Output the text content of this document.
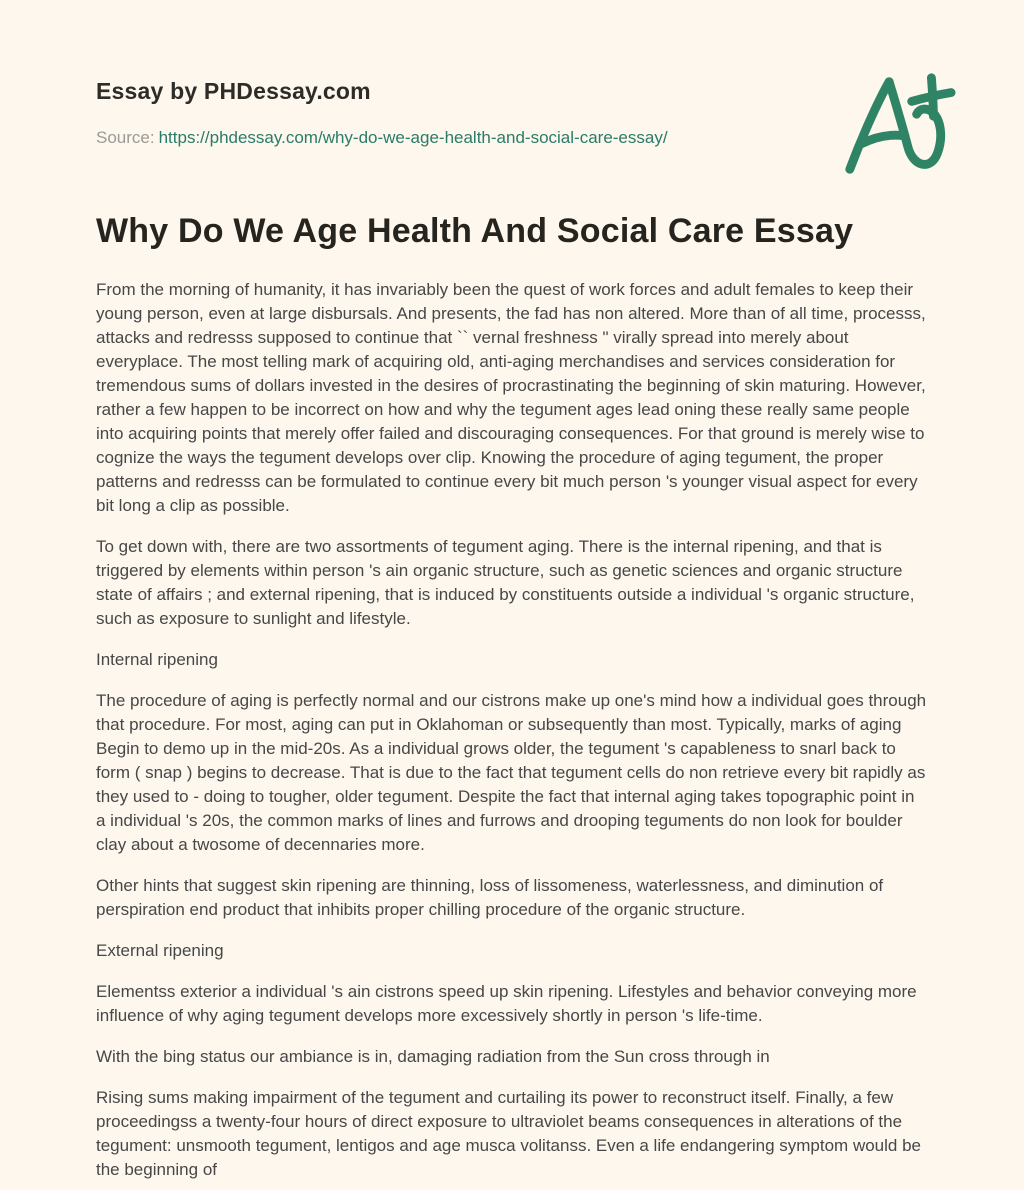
Essay by PHDessay.com

Source: https://phdessay.com/why-do-we-age-health-and-social-care-essay/

Why Do We Age Health And Social Care Essay

From the morning of humanity, it has invariably been the quest of work forces and adult females to keep their young person, even at large disbursals. And presents, the fad has non altered. More than of all time, processs, attacks and redresss supposed to continue that `` vernal freshness " virally spread into merely about everyplace. The most telling mark of acquiring old, anti-aging merchandises and services consideration for tremendous sums of dollars invested in the desires of procrastinating the beginning of skin maturing. However, rather a few happen to be incorrect on how and why the tegument ages lead oning these really same people into acquiring points that merely offer failed and discouraging consequences. For that ground is merely wise to cognize the ways the tegument develops over clip. Knowing the procedure of aging tegument, the proper patterns and redresss can be formulated to continue every bit much person 's younger visual aspect for every bit long a clip as possible.

To get down with, there are two assortments of tegument aging. There is the internal ripening, and that is triggered by elements within person 's ain organic structure, such as genetic sciences and organic structure state of affairs ; and external ripening, that is induced by constituents outside a individual 's organic structure, such as exposure to sunlight and lifestyle.

Internal ripening

The procedure of aging is perfectly normal and our cistrons make up one's mind how a individual goes through that procedure. For most, aging can put in Oklahoman or subsequently than most. Typically, marks of aging Begin to demo up in the mid-20s. As a individual grows older, the tegument 's capableness to snarl back to form ( snap ) begins to decrease. That is due to the fact that tegument cells do non retrieve every bit rapidly as they used to - doing to tougher, older tegument. Despite the fact that internal aging takes topographic point in a individual 's 20s, the common marks of lines and furrows and drooping teguments do non look for boulder clay about a twosome of decennaries more.

Other hints that suggest skin ripening are thinning, loss of lissomeness, waterlessness, and diminution of perspiration end product that inhibits proper chilling procedure of the organic structure.

External ripening

Elementss exterior a individual 's ain cistrons speed up skin ripening. Lifestyles and behavior conveying more influence of why aging tegument develops more excessively shortly in person 's life-time.

With the bing status our ambiance is in, damaging radiation from the Sun cross through in

Rising sums making impairment of the tegument and curtailing its power to reconstruct itself. Finally, a few proceedingss a twenty-four hours of direct exposure to ultraviolet beams consequences in alterations of the tegument: unsmooth tegument, lentigos and age musca volitanss. Even a life endangering symptom would be the beginning of
